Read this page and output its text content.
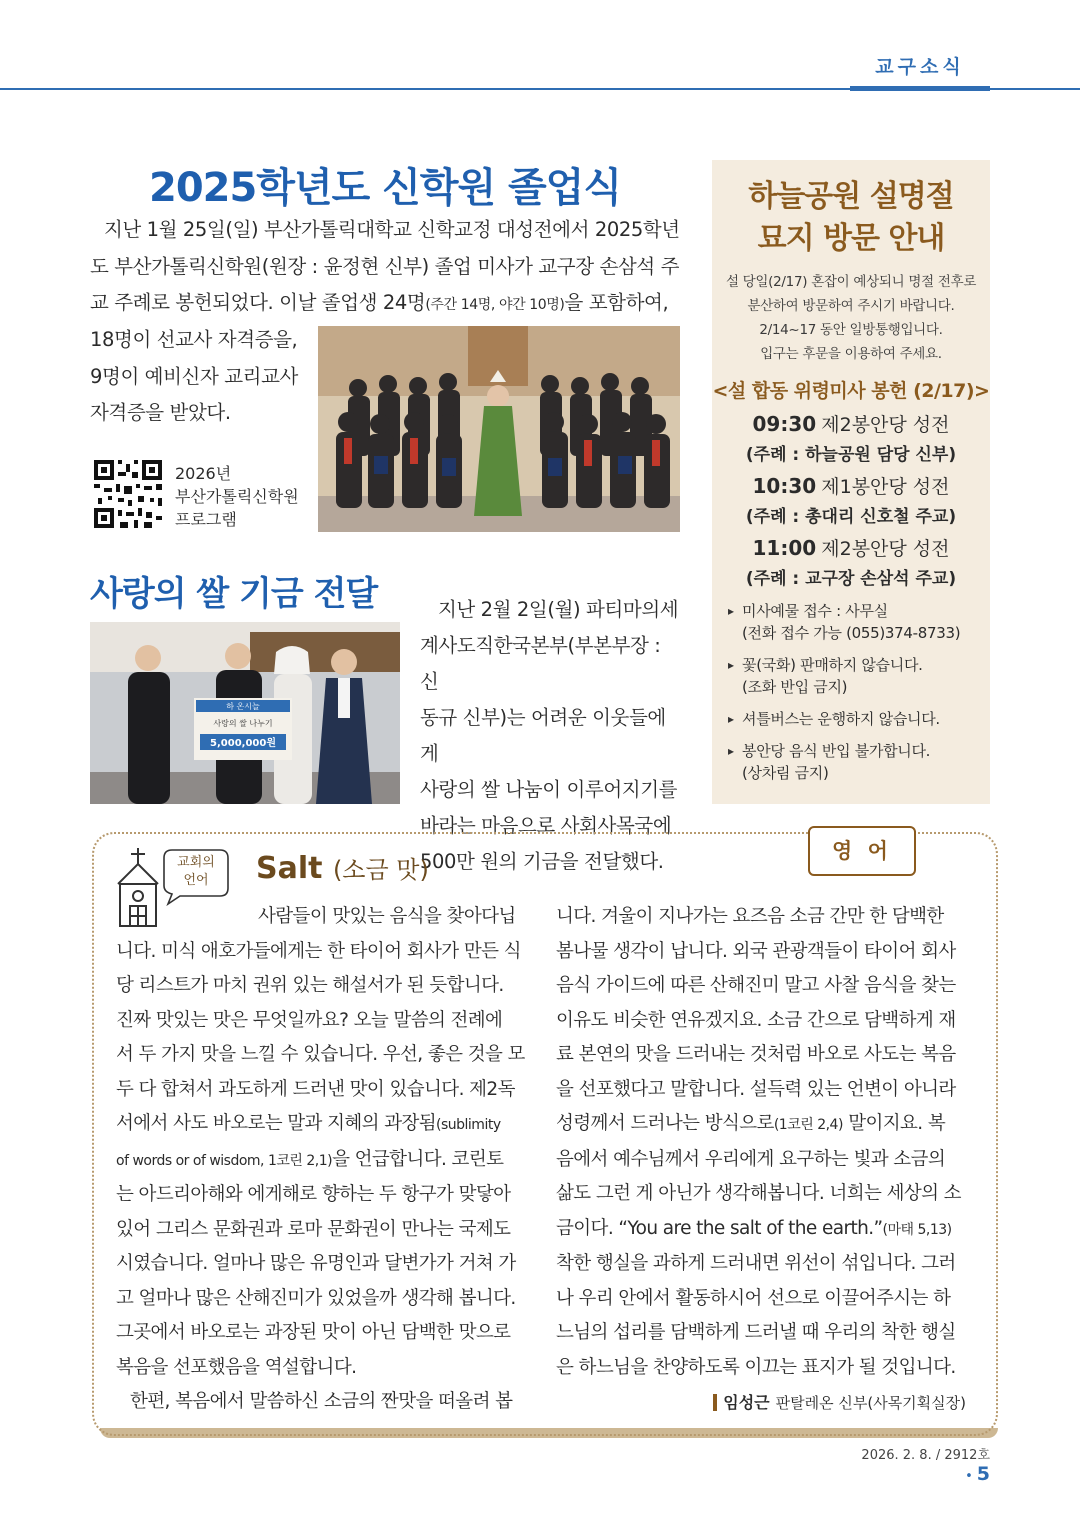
교구소식
2025학년도 신학원 졸업식
지난 1월 25일(일) 부산가톨릭대학교 신학교정 대성전에서 2025학년
도 부산가톨릭신학원(원장 : 윤정현 신부) 졸업 미사가 교구장 손삼석 주
교 주례로 봉헌되었다. 이날 졸업생 24명(주간 14명, 야간 10명)을 포함하여,
18명이 선교사 자격증을,
9명이 예비신자 교리교사
자격증을 받았다.
2026년
부산가톨릭신학원
프로그램
사랑의 쌀 기금 전달
하 온시늘
사랑의 쌀 나누기
5,000,000원
지난 2월 2일(월) 파티마의세
계사도직한국본부(부본부장 : 신
동규 신부)는 어려운 이웃들에게
사랑의 쌀 나눔이 이루어지기를
바라는 마음으로 사회사목국에
500만 원의 기금을 전달했다.
하늘공원 설명절
묘지 방문 안내
설 당일(2/17) 혼잡이 예상되니 명절 전후로
분산하여 방문하여 주시기 바랍니다.
2/14~17 동안 일방통행입니다.
입구는 후문을 이용하여 주세요.
<설 합동 위령미사 봉헌 (2/17)>
09:30 제2봉안당 성전
(주례 : 하늘공원 담당 신부)
10:30 제1봉안당 성전
(주례 : 총대리 신호철 주교)
11:00 제2봉안당 성전
(주례 : 교구장 손삼석 주교)
▸ 미사예물 접수 : 사무실
(전화 접수 가능 (055)374-8733)
▸ 꽃(국화) 판매하지 않습니다.
(조화 반입 금지)
▸ 셔틀버스는 운행하지 않습니다.
▸ 봉안당 음식 반입 불가합니다.
(상차림 금지)
영 어
교회의
언어	Salt (소금 맛)
사람들이 맛있는 음식을 찾아다닙
니다. 미식 애호가들에게는 한 타이어 회사가 만든 식
당 리스트가 마치 권위 있는 해설서가 된 듯합니다.
진짜 맛있는 맛은 무엇일까요? 오늘 말씀의 전례에
서 두 가지 맛을 느낄 수 있습니다. 우선, 좋은 것을 모
두 다 합쳐서 과도하게 드러낸 맛이 있습니다. 제2독
서에서 사도 바오로는 말과 지혜의 과장됨(sublimity
of words or of wisdom, 1코린 2,1)을 언급합니다. 코린토
는 아드리아해와 에게해로 향하는 두 항구가 맞닿아
있어 그리스 문화권과 로마 문화권이 만나는 국제도
시였습니다. 얼마나 많은 유명인과 달변가가 거쳐 가
고 얼마나 많은 산해진미가 있었을까 생각해 봅니다.
그곳에서 바오로는 과장된 맛이 아닌 담백한 맛으로
복음을 선포했음을 역설합니다.
한편, 복음에서 말씀하신 소금의 짠맛을 떠올려 봅
니다. 겨울이 지나가는 요즈음 소금 간만 한 담백한
봄나물 생각이 납니다. 외국 관광객들이 타이어 회사
음식 가이드에 따른 산해진미 말고 사찰 음식을 찾는
이유도 비슷한 연유겠지요. 소금 간으로 담백하게 재
료 본연의 맛을 드러내는 것처럼 바오로 사도는 복음
을 선포했다고 말합니다. 설득력 있는 언변이 아니라
성령께서 드러나는 방식으로(1코린 2,4) 말이지요. 복
음에서 예수님께서 우리에게 요구하는 빛과 소금의
삶도 그런 게 아닌가 생각해봅니다. 너희는 세상의 소
금이다. “You are the salt of the earth.”(마태 5,13)
착한 행실을 과하게 드러내면 위선이 섞입니다. 그러
나 우리 안에서 활동하시어 선으로 이끌어주시는 하
느님의 섭리를 담백하게 드러낼 때 우리의 착한 행실
은 하느님을 찬양하도록 이끄는 표지가 될 것입니다.
임성근 판탈레온 신부(사목기획실장)
2026. 2. 8. / 2912호 • 5
